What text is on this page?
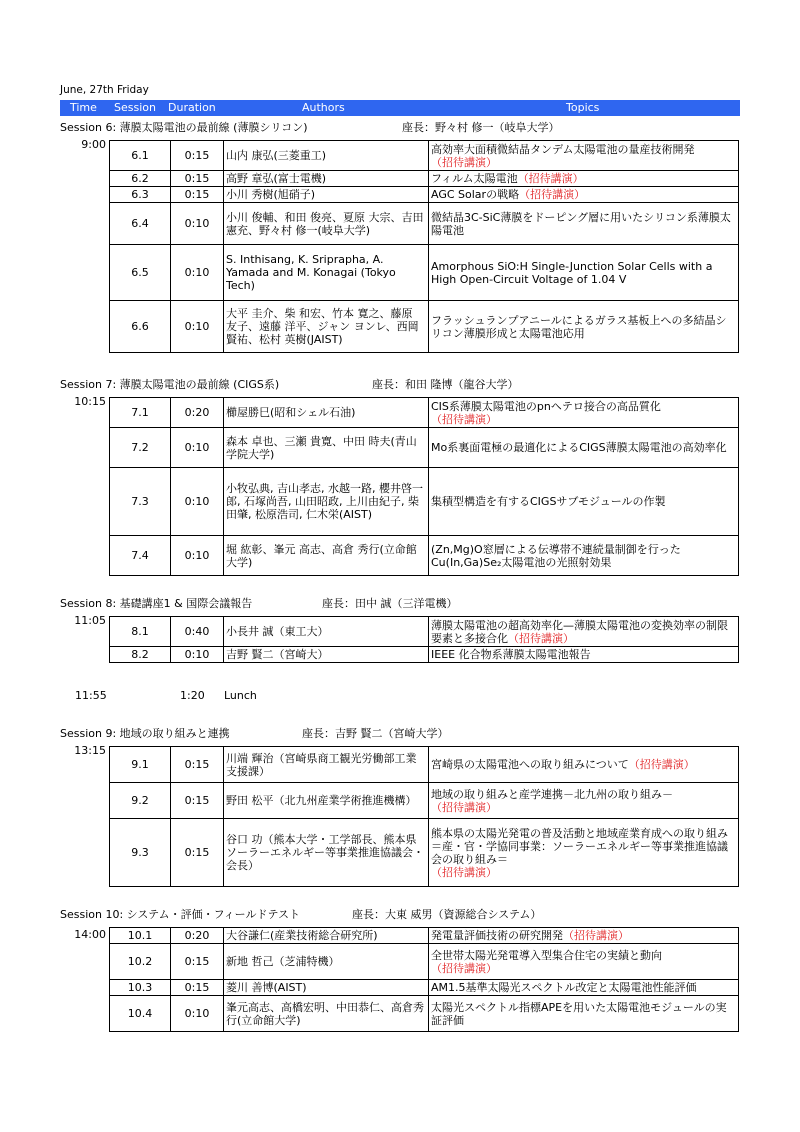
June, 27th Friday
Time Session Duration	Authors	Topics
Session 6: 薄膜太陽電池の最前線 (薄膜シリコン)	座長：野々村 修一（岐阜大学）
9:00
6.1	0:15	山内 康弘(三菱重工)	高効率大面積微結晶タンデム太陽電池の量産技術開発
（招待講演）
6.2	0:15	高野 章弘(富士電機)	フィルム太陽電池（招待講演）
6.3	0:15	小川 秀樹(旭硝子)	AGC Solarの戦略（招待講演）
6.4	0:10	小川 俊輔、和田 俊亮、夏原 大宗、吉田 憲充、野々村 修一(岐阜大学)	微結晶3C-SiC薄膜をドーピング層に用いたシリコン系薄膜太陽電池
6.5	0:10	S. Inthisang, K. Sriprapha, A. Yamada and M. Konagai (Tokyo Tech)	Amorphous SiO:H Single-Junction Solar Cells with a High Open-Circuit Voltage of 1.04 V
6.6	0:10	大平 圭介、柴 和宏、竹本 寛之、藤原 友子、遠藤 洋平、ジャン ヨンレ、西岡 賢祐、松村 英樹(JAIST)	フラッシュランプアニールによるガラス基板上への多結晶シリコン薄膜形成と太陽電池応用
Session 7: 薄膜太陽電池の最前線 (CIGS系)	座長：和田 隆博（龍谷大学）
10:15
7.1	0:20	櫛屋勝巳(昭和シェル石油)	CIS系薄膜太陽電池のpnヘテロ接合の高品質化
（招待講演）
7.2	0:10	森本 卓也、三瀬 貴寛、中田 時夫(青山学院大学)	Mo系裏面電極の最適化によるCIGS薄膜太陽電池の高効率化
7.3	0:10	小牧弘典, 吉山孝志, 水越一路, 櫻井啓一郎, 石塚尚吾, 山田昭政, 上川由紀子, 柴田肇, 松原浩司, 仁木栄(AIST)	集積型構造を有するCIGSサブモジュールの作製
7.4	0:10	堀 紘彰、峯元 高志、高倉 秀行(立命館大学)	(Zn,Mg)O窓層による伝導帯不連続量制御を行ったCu(In,Ga)Se₂太陽電池の光照射効果
Session 8: 基礎講座1 & 国際会議報告	座長：田中 誠（三洋電機）
11:05
8.1	0:40	小長井 誠（東工大）	薄膜太陽電池の超高効率化—薄膜太陽電池の変換効率の制限要素と多接合化（招待講演）
8.2	0:10	吉野 賢二（宮崎大）	IEEE 化合物系薄膜太陽電池報告
11:55	1:20 Lunch
Session 9: 地域の取り組みと連携	座長：吉野 賢二（宮崎大学）
13:15
9.1	0:15	川端 輝治（宮崎県商工観光労働部工業支援課）	宮崎県の太陽電池への取り組みについて（招待講演）
9.2	0:15	野田 松平（北九州産業学術推進機構）	地域の取り組みと産学連携－北九州の取り組み－
（招待講演）
9.3	0:15	谷口 功（熊本大学・工学部長、熊本県ソーラーエネルギー等事業推進協議会・会長）	熊本県の太陽光発電の普及活動と地域産業育成への取り組み ＝産・官・学協同事業：ソーラーエネルギー等事業推進協議会の取り組み＝
（招待講演）
Session 10: システム・評価・フィールドテスト	座長：大東 威男（資源総合システム）
14:00 10.1	0:20	大谷謙仁(産業技術総合研究所)	発電量評価技術の研究開発（招待講演）
10.2	0:15	新地 哲己（芝浦特機）	全世帯太陽光発電導入型集合住宅の実績と動向
（招待講演）
10.3	0:15	菱川 善博(AIST)	AM1.5基準太陽光スペクトル改定と太陽電池性能評価
10.4	0:10	峯元高志、高橋宏明、中田恭仁、高倉秀行(立命館大学)	太陽光スペクトル指標APEを用いた太陽電池モジュールの実証評価
